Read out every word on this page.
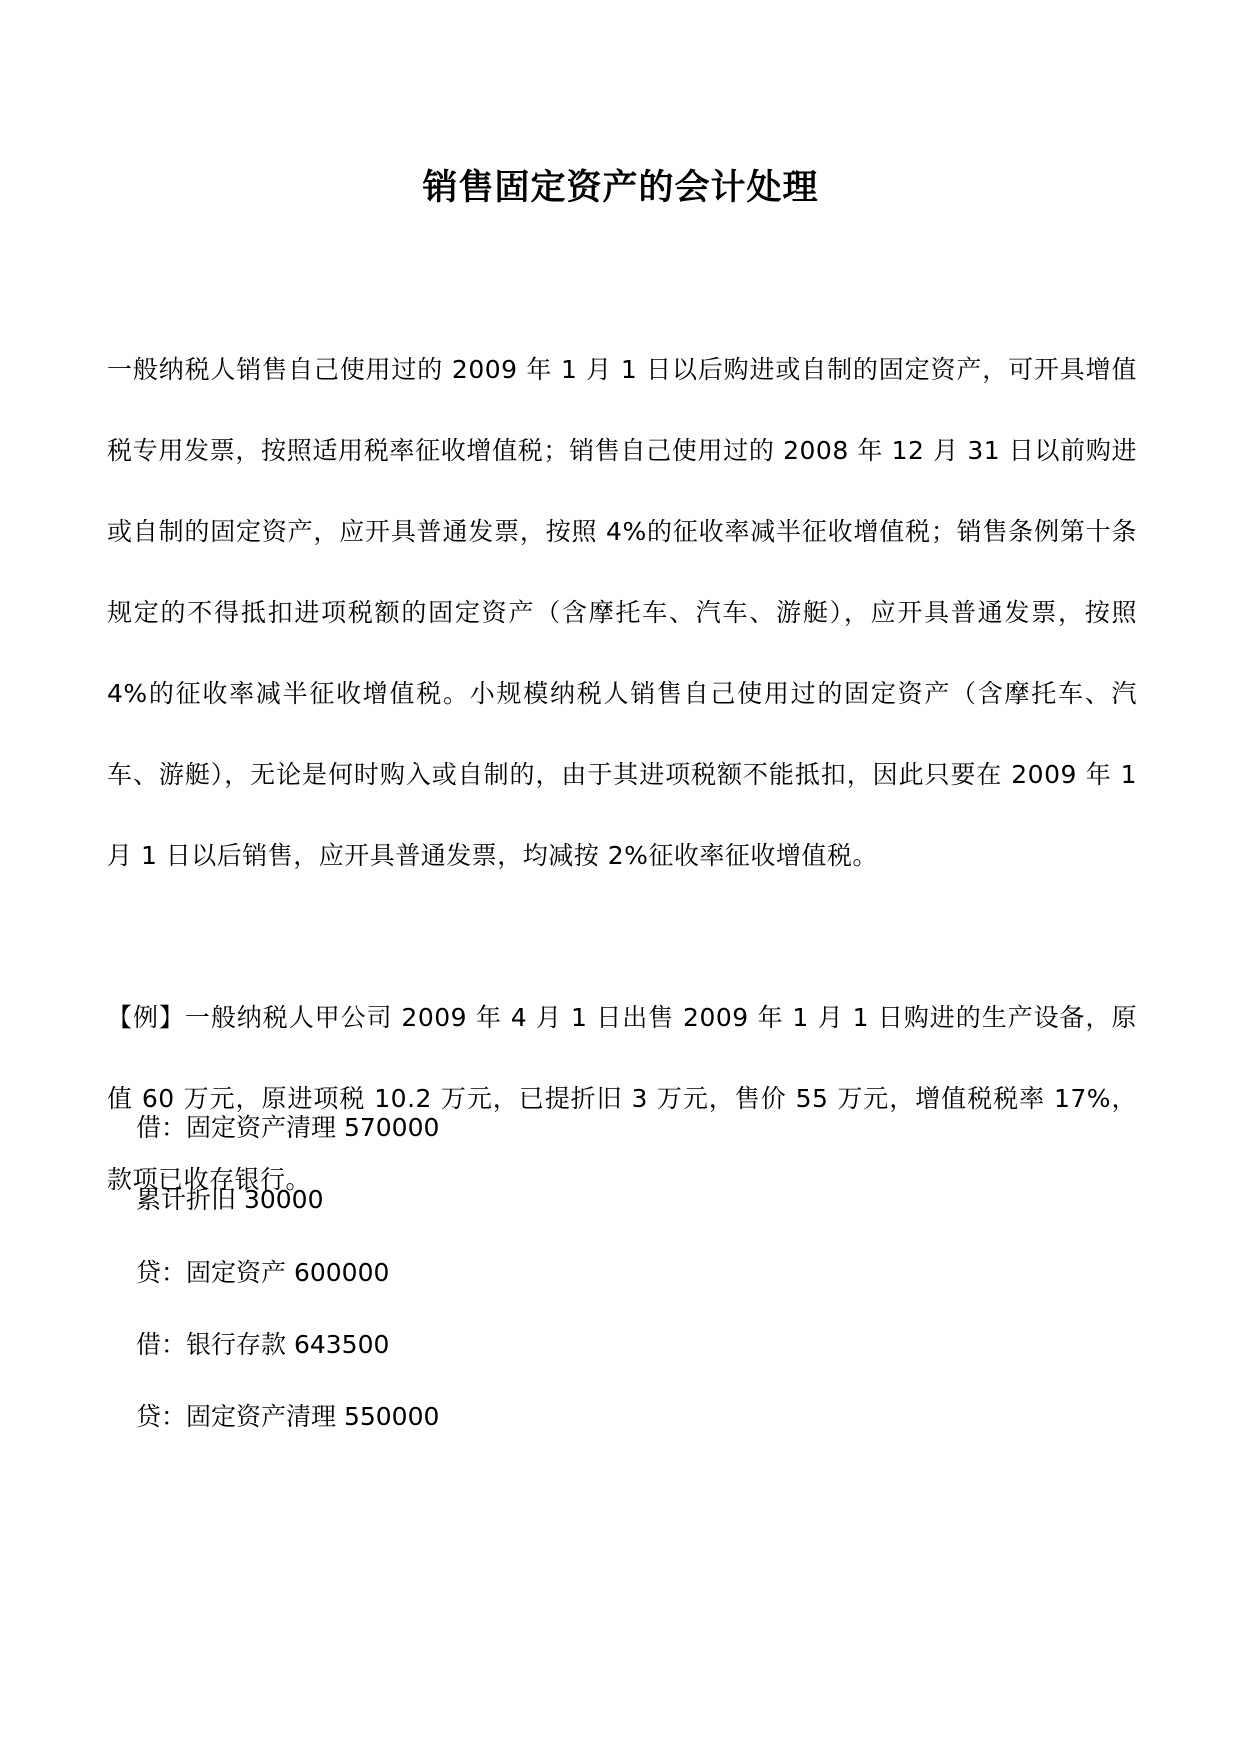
销售固定资产的会计处理
一般纳税人销售自己使用过的 2009 年 1 月 1 日以后购进或自制的固定资产，可开具增值税专用发票，按照适用税率征收增值税；销售自己使用过的 2008 年 12 月 31 日以前购进或自制的固定资产，应开具普通发票，按照 4%的征收率减半征收增值税；销售条例第十条规定的不得抵扣进项税额的固定资产（含摩托车、汽车、游艇），应开具普通发票，按照 4%的征收率减半征收增值税。小规模纳税人销售自己使用过的固定资产（含摩托车、汽车、游艇），无论是何时购入或自制的，由于其进项税额不能抵扣，因此只要在 2009 年 1 月 1 日以后销售，应开具普通发票，均减按 2%征收率征收增值税。
【例】一般纳税人甲公司 2009 年 4 月 1 日出售 2009 年 1 月 1 日购进的生产设备，原值 60 万元，原进项税 10.2 万元，已提折旧 3 万元，售价 55 万元，增值税税率 17%，款项已收存银行。
借：固定资产清理 570000
累计折旧 30000
贷：固定资产 600000
借：银行存款 643500
贷：固定资产清理 550000
